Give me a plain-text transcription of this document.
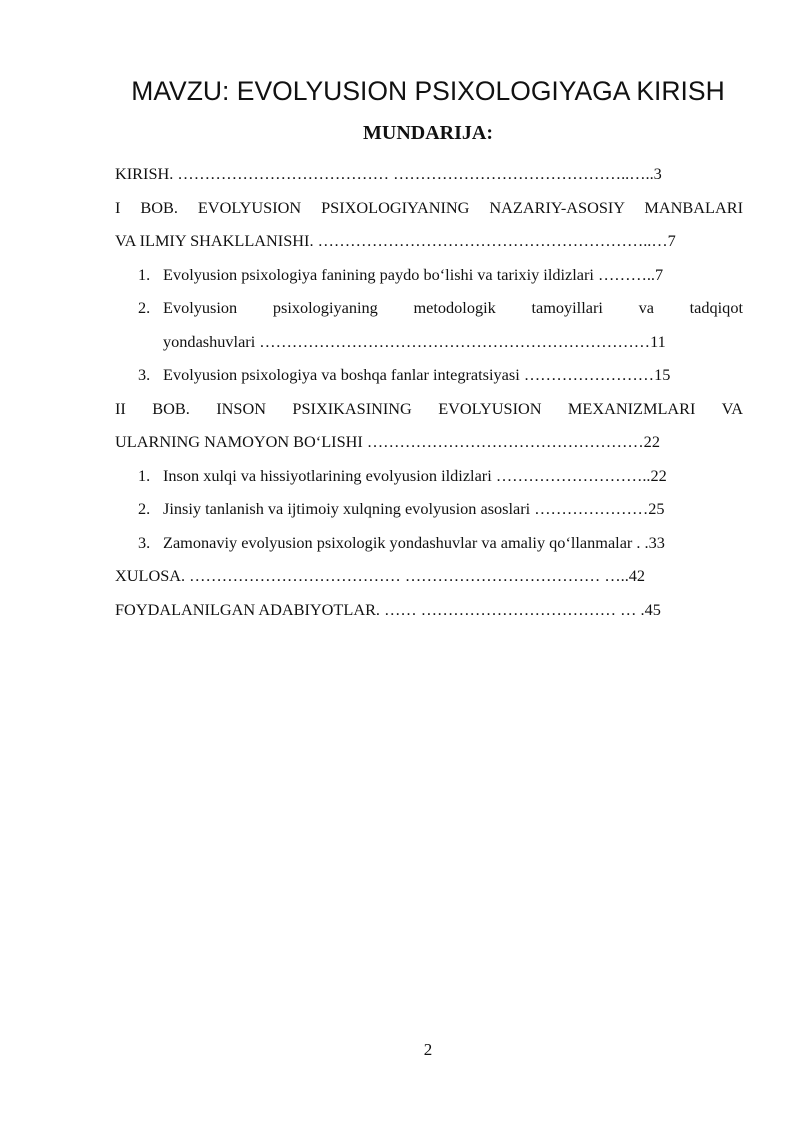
MAVZU: EVOLYUSION PSIXOLOGIYAGA KIRISH
MUNDARIJA:
KIRISH. ………………………………… ……………………………………..…..3
I BOB. EVOLYUSION PSIXOLOGIYANING NAZARIY-ASOSIY MANBALARI
VA ILMIY SHAKLLANISHI. ……………………………………………………..…7
1. Evolyusion psixologiya fanining paydo bo‘lishi va tarixiy ildizlari ………..7
2. Evolyusion psixologiyaning metodologik tamoyillari va tadqiqot
yondashuvlari ………………………………………………………………11
3. Evolyusion psixologiya va boshqa fanlar integratsiyasi ……………………15
II BOB. INSON PSIXIKASINING EVOLYUSION MEXANIZMLARI VA
ULARNING NAMOYON BO‘LISHI ……………………………………………22
1. Inson xulqi va hissiyotlarining evolyusion ildizlari ………………………..22
2. Jinsiy tanlanish va ijtimoiy xulqning evolyusion asoslari …………………25
3. Zamonaviy evolyusion psixologik yondashuvlar va amaliy qo‘llanmalar . .33
XULOSA. ………………………………… ……………………………… …..42
FOYDALANILGAN ADABIYOTLAR. …… ……………………………… … .45
2
